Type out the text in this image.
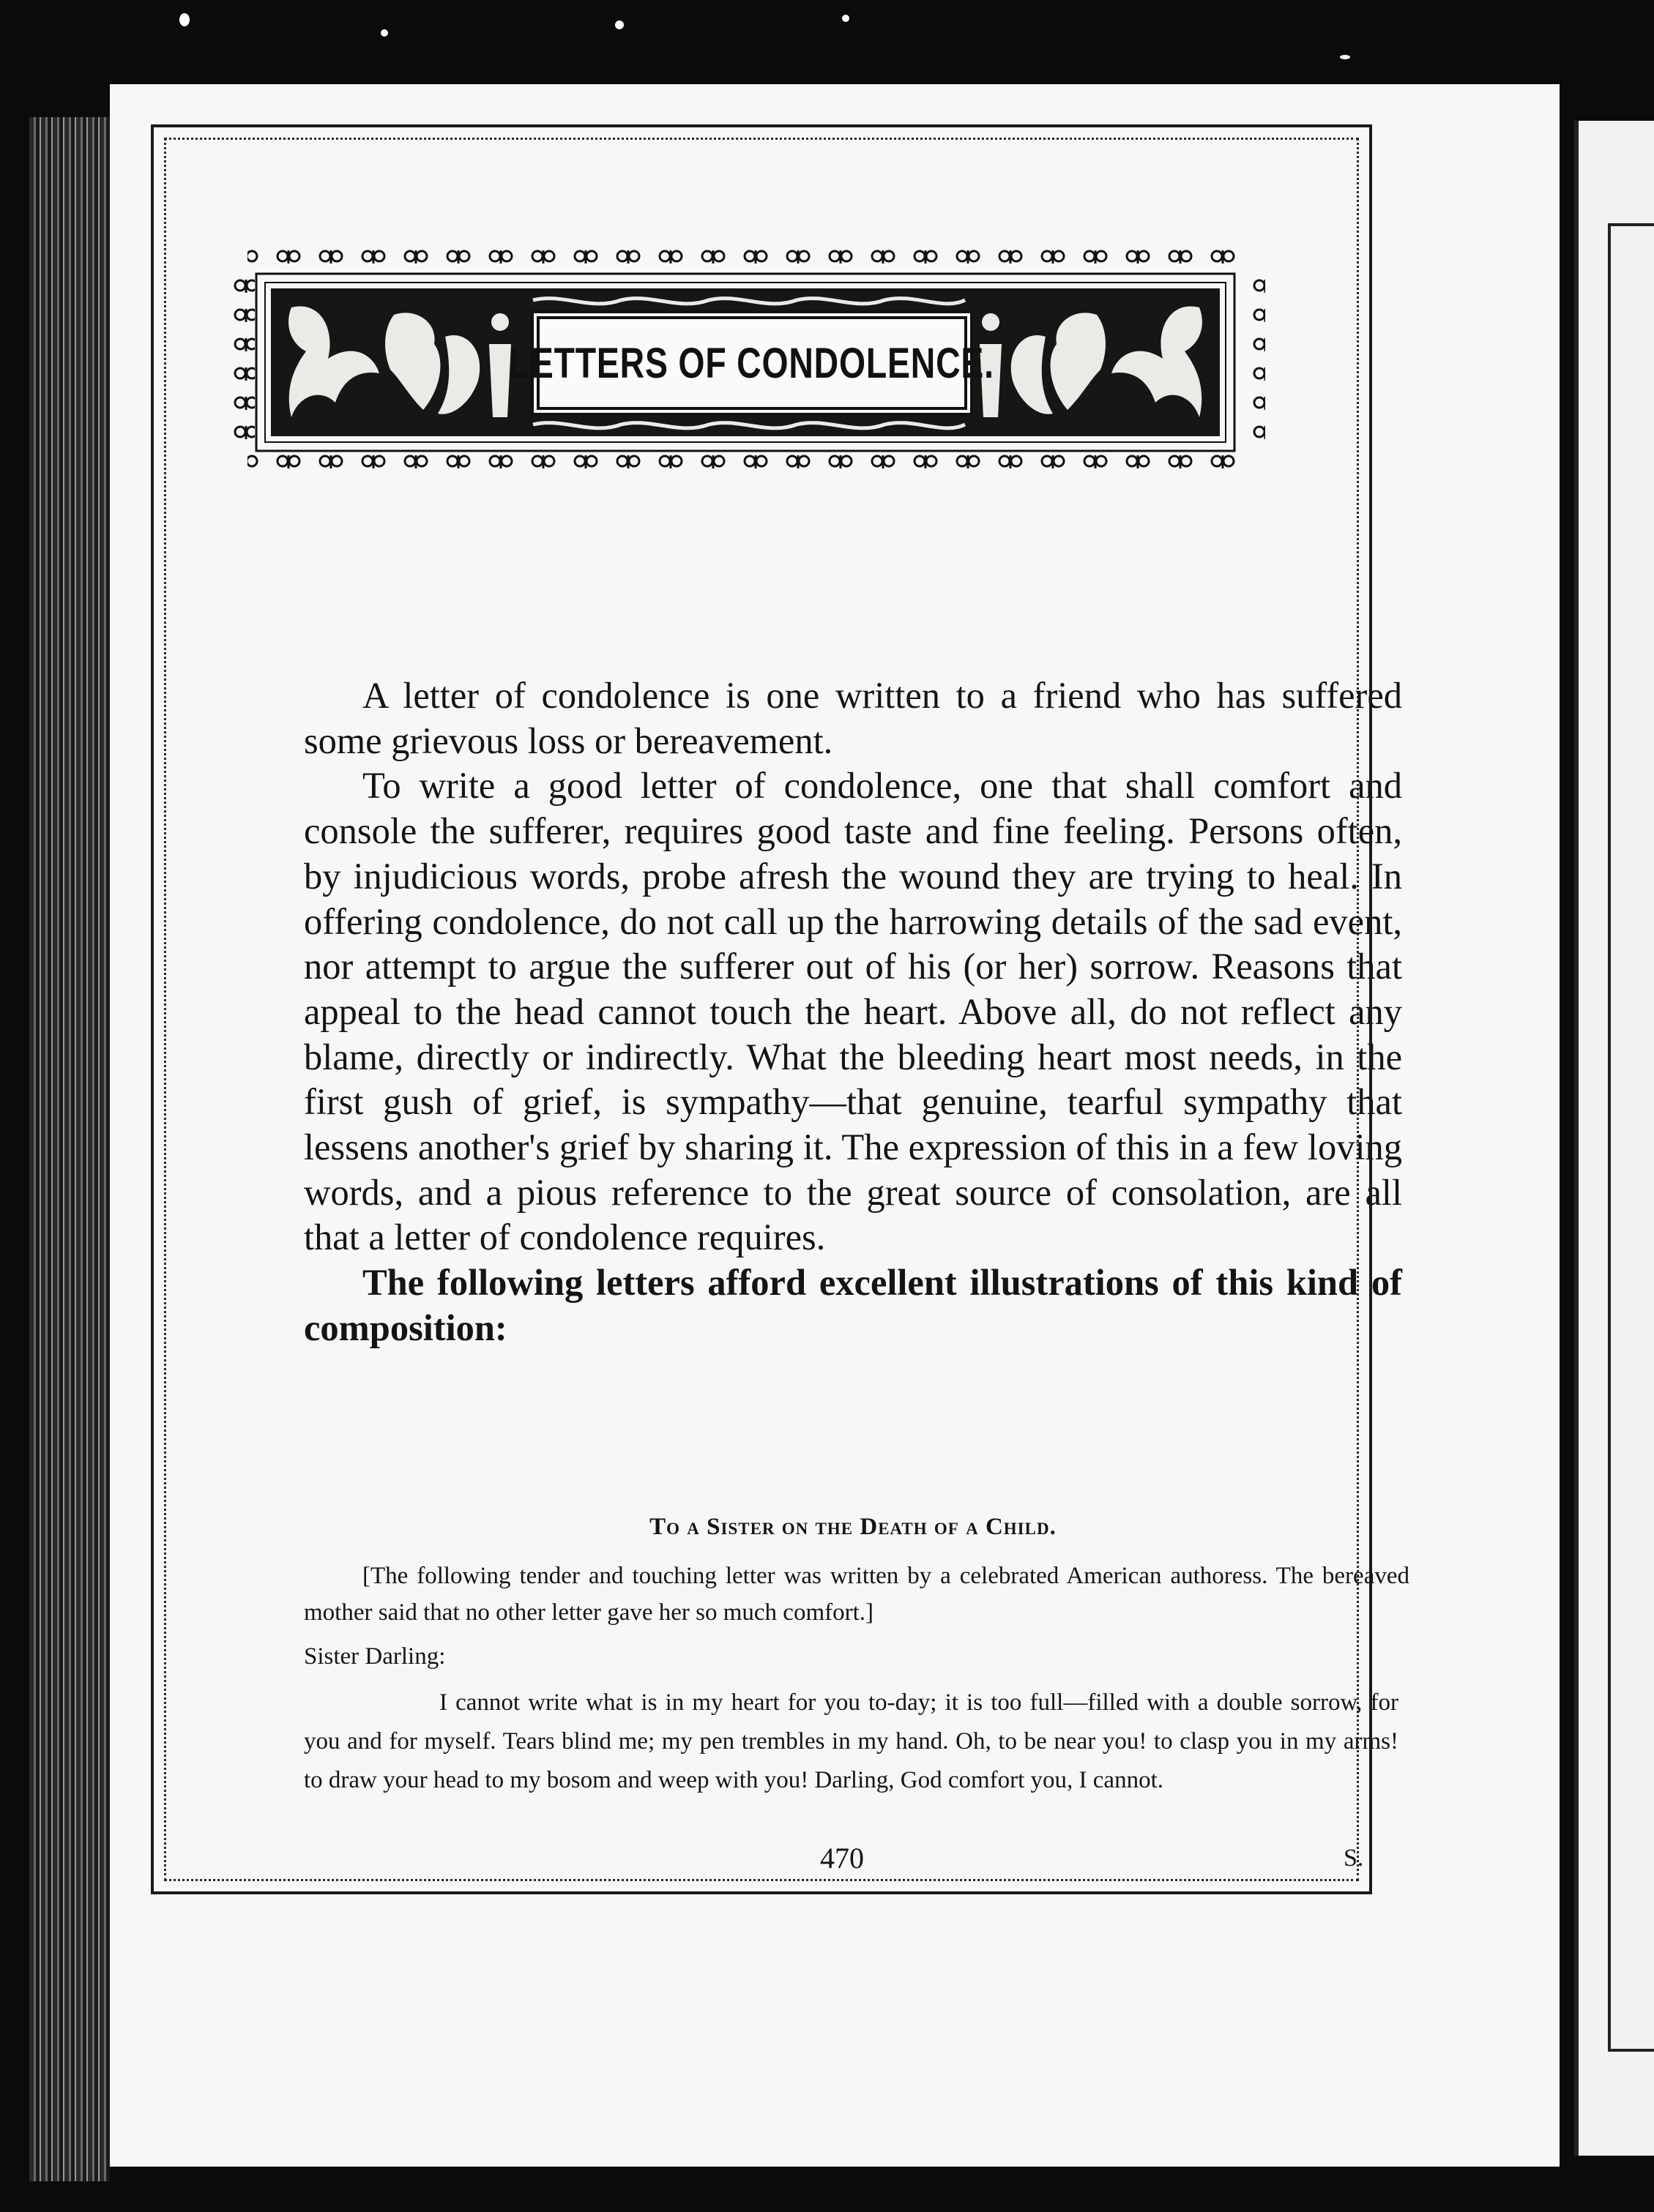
LETTERS OF CONDOLENCE.

A letter of condolence is one written to a friend who has suffered some grievous loss or bereavement.

To write a good letter of condolence, one that shall comfort and console the sufferer, requires good taste and fine feeling. Persons often, by injudicious words, probe afresh the wound they are trying to heal. In offering condolence, do not call up the harrowing details of the sad event, nor attempt to argue the sufferer out of his (or her) sorrow. Reasons that appeal to the head cannot touch the heart. Above all, do not reflect any blame, directly or indirectly. What the bleeding heart most needs, in the first gush of grief, is sympathy—that genuine, tearful sympathy that lessens another's grief by sharing it. The expression of this in a few loving words, and a pious reference to the great source of consolation, are all that a letter of condolence requires.

The following letters afford excellent illustrations of this kind of composition:

To a Sister on the Death of a Child.

[The following tender and touching letter was written by a celebrated American authoress. The bereaved mother said that no other letter gave her so much comfort.]

Sister Darling:

I cannot write what is in my heart for you to-day; it is too full—filled with a double sorrow, for you and for myself. Tears blind me; my pen trembles in my hand. Oh, to be near you! to clasp you in my arms! to draw your head to my bosom and weep with you! Darling, God comfort you, I cannot.

470	S.
